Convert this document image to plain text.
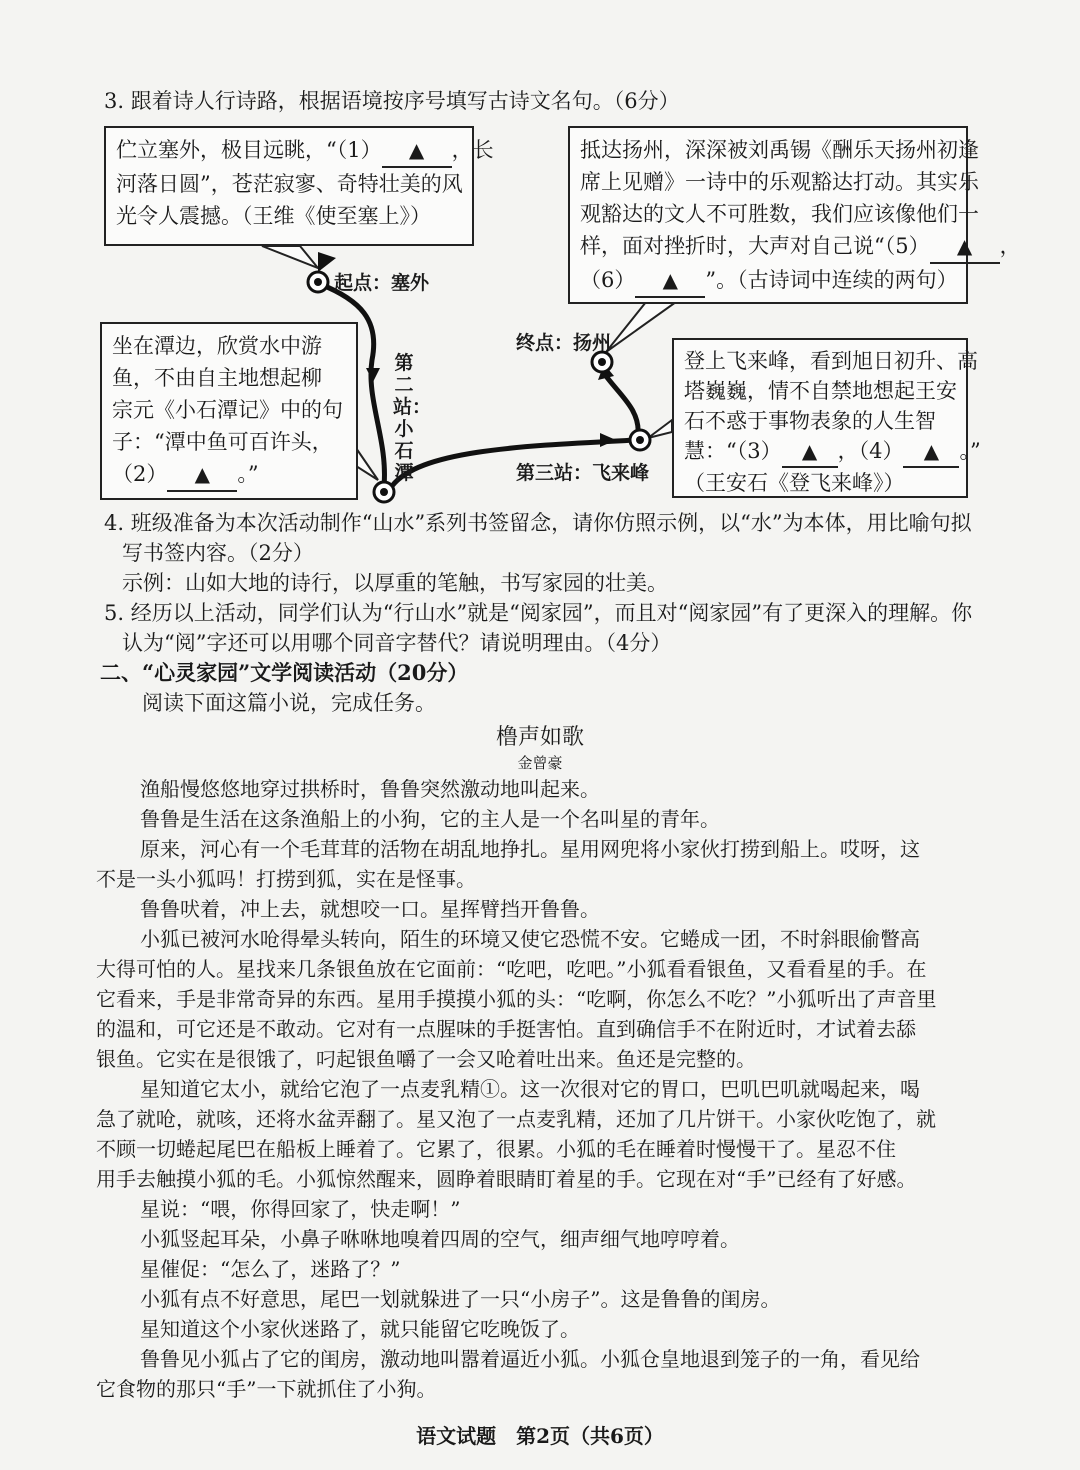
3. 跟着诗人行诗路，根据语境按序号填写古诗文名句。（6分）
伫立塞外，极目远眺，“（1） ▲ ，长
河落日圆”，苍茫寂寥、奇特壮美的风
光令人震撼。（王维《使至塞上》）
抵达扬州，深深被刘禹锡《酬乐天扬州初逢
席上见赠》一诗中的乐观豁达打动。其实乐
观豁达的文人不可胜数，我们应该像他们一
样，面对挫折时，大声对自己说“（5） ▲ ，
（6） ▲ ”。（古诗词中连续的两句）
坐在潭边，欣赏水中游
鱼，不由自主地想起柳
宗元《小石潭记》中的句
子：“潭中鱼可百许头，
（2） ▲ 。”
登上飞来峰，看到旭日初升、高
塔巍巍，情不自禁地想起王安
石不惑于事物表象的人生智
慧：“（3） ▲ ，（4） ▲ 。”
（王安石《登飞来峰》）
起点：塞外
第二站：小石潭	第三站：飞来峰
终点：扬州
4. 班级准备为本次活动制作“山水”系列书签留念，请你仿照示例，以“水”为本体，用比喻句拟
写书签内容。（2分）
示例：山如大地的诗行，以厚重的笔触，书写家园的壮美。
5. 经历以上活动，同学们认为“行山水”就是“阅家园”，而且对“阅家园”有了更深入的理解。你
认为“阅”字还可以用哪个同音字替代？请说明理由。（4分）
二、“心灵家园”文学阅读活动（20分）
阅读下面这篇小说，完成任务。
橹声如歌
金曾豪
渔船慢悠悠地穿过拱桥时，鲁鲁突然激动地叫起来。
鲁鲁是生活在这条渔船上的小狗，它的主人是一个名叫星的青年。
原来，河心有一个毛茸茸的活物在胡乱地挣扎。星用网兜将小家伙打捞到船上。哎呀，这
不是一头小狐吗！打捞到狐，实在是怪事。
鲁鲁吠着，冲上去，就想咬一口。星挥臂挡开鲁鲁。
小狐已被河水呛得晕头转向，陌生的环境又使它恐慌不安。它蜷成一团，不时斜眼偷瞥高
大得可怕的人。星找来几条银鱼放在它面前：“吃吧，吃吧。”小狐看看银鱼，又看看星的手。在
它看来，手是非常奇异的东西。星用手摸摸小狐的头：“吃啊，你怎么不吃？”小狐听出了声音里
的温和，可它还是不敢动。它对有一点腥味的手挺害怕。直到确信手不在附近时，才试着去舔
银鱼。它实在是很饿了，叼起银鱼嚼了一会又呛着吐出来。鱼还是完整的。
星知道它太小，就给它泡了一点麦乳精①。这一次很对它的胃口，巴叽巴叽就喝起来，喝
急了就呛，就咳，还将水盆弄翻了。星又泡了一点麦乳精，还加了几片饼干。小家伙吃饱了，就
不顾一切蜷起尾巴在船板上睡着了。它累了，很累。小狐的毛在睡着时慢慢干了。星忍不住
用手去触摸小狐的毛。小狐惊然醒来，圆睁着眼睛盯着星的手。它现在对“手”已经有了好感。
星说：“喂，你得回家了，快走啊！”
小狐竖起耳朵，小鼻子咻咻地嗅着四周的空气，细声细气地哼哼着。
星催促：“怎么了，迷路了？”
小狐有点不好意思，尾巴一划就躲进了一只“小房子”。这是鲁鲁的闺房。
星知道这个小家伙迷路了，就只能留它吃晚饭了。
鲁鲁见小狐占了它的闺房，激动地叫嚣着逼近小狐。小狐仓皇地退到笼子的一角，看见给
它食物的那只“手”一下就抓住了小狗。
语文试题　第2页（共6页）
